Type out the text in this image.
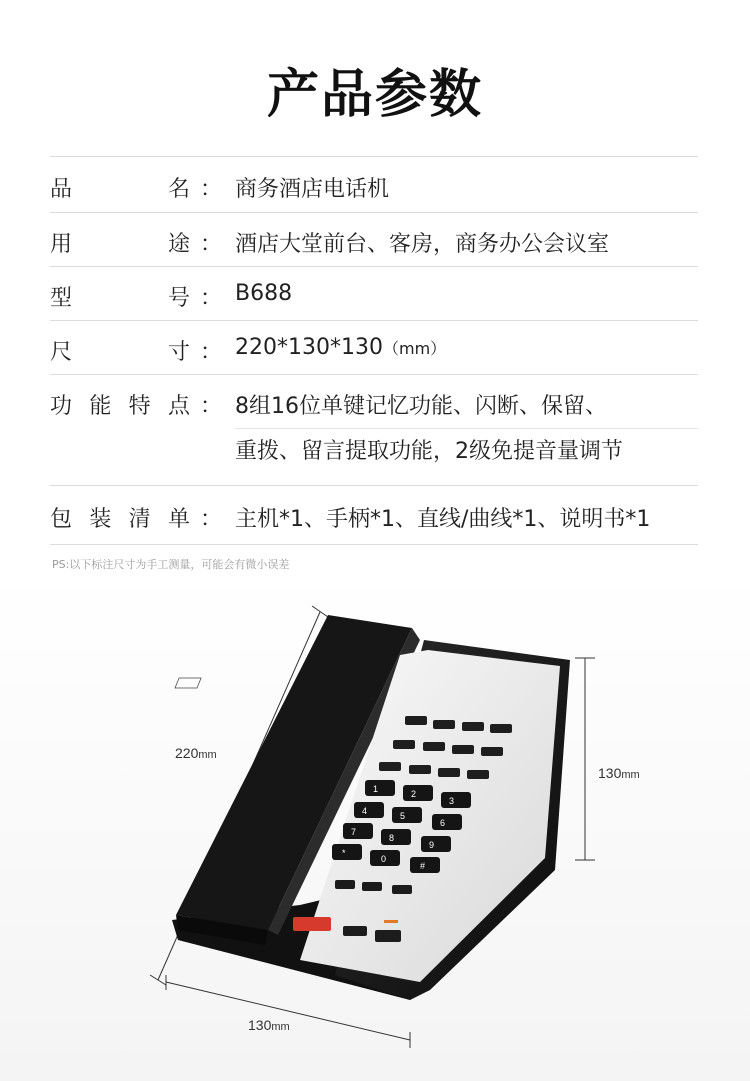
产品参数
品	名 ： 商务酒店电话机
用	途 ： 酒店大堂前台、客房，商务办公会议室
型	号 ： B688
尺	寸 ： 220*130*130（mm）
功 能 特 点 ： 8组16位单键记忆功能、闪断、保留、
重拨、留言提取功能，2级免提音量调节
包 装 清 单 ： 主机*1、手柄*1、直线/曲线*1、说明书*1
PS:以下标注尺寸为手工测量，可能会有微小误差
1	2
3
4	5
6
7
8
9
*
0
#
220mm
130mm
130mm
